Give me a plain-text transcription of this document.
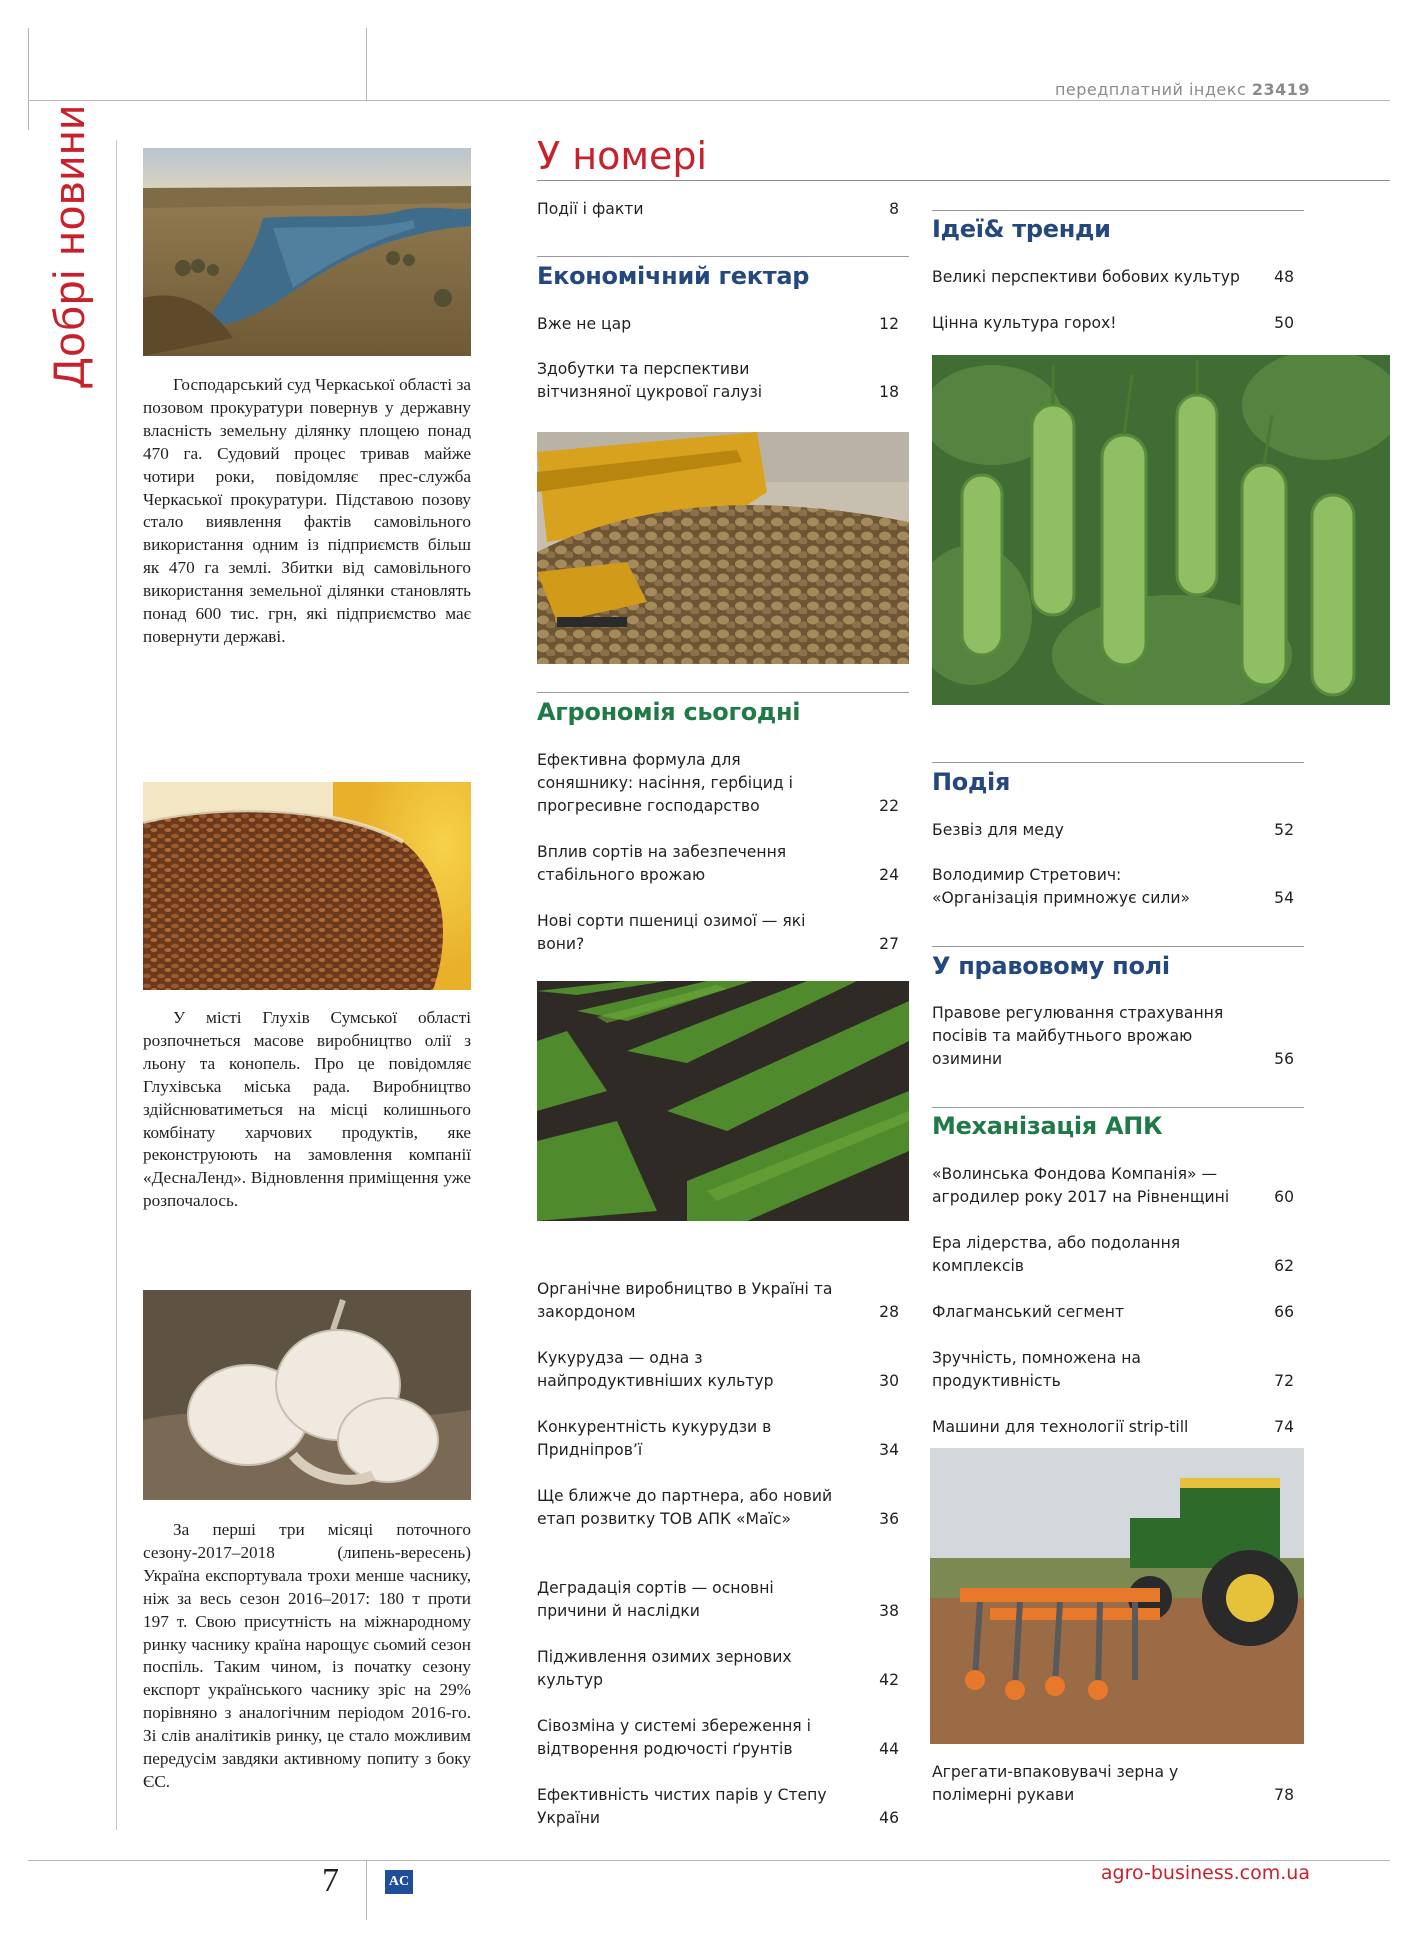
передплатний індекс 23419
Добрі новини	Господарський суд Черкаської області за позовом прокуратури повернув у державну власність земельну ділянку площею понад 470 га. Судовий процес тривав майже чотири роки, повідомляє прес-служба Черкаської прокуратури. Підставою позову стало виявлення фактів самовільного використання одним із підприємств більш як 470 га землі. Збитки від самовільного використання земельної ділянки становлять понад 600 тис. грн, які підприємство має повернути державі.

У місті Глухів Сумської області розпочнеться масове виробництво олії з льону та конопель. Про це повідомляє Глухівська міська рада. Виробництво здійснюватиметься на місці колишнього комбінату харчових продуктів, яке реконструюють на замовлення компанії «ДеснаЛенд». Відновлення приміщення уже розпочалось.

За перші три місяці поточного сезону-2017–2018 (липень-вересень) Україна експортувала трохи менше часнику, ніж за весь сезон 2016–2017: 180 т проти 197 т. Свою присутність на міжнародному ринку часнику країна нарощує сьомий сезон поспіль. Таким чином, із початку сезону експорт українського часнику зріс на 29% порівняно з аналогічним періодом 2016-го. Зі слів аналітиків ринку, це стало можливим передусім завдяки активному попиту з боку ЄС.

У номері
Події і факти	8
Економічний гектар
Вже не цар	12
Здобутки та перспективи вітчизняної цукрової галузі	18
Агрономія сьогодні
Ефективна формула для соняшнику: насіння, гербіцид і прогресивне господарство	22
Вплив сортів на забезпечення стабільного врожаю	24
Нові сорти пшениці озимої — які вони?	27
Органічне виробництво в Україні та закордоном	28
Кукурудза — одна з найпродуктивніших культур	30
Конкурентність кукурудзи в Придніпров’ї	34
Ще ближче до партнера, або новий етап розвитку ТОВ АПК «Маїс»	36
Деградація сортів — основні причини й наслідки	38
Підживлення озимих зернових культур	42
Сівозміна у системі збереження і відтворення родючості ґрунтів	44
Ефективність чистих парів у Степу України	46
Ідеї& тренди
Великі перспективи бобових культур	48
Цінна культура горох!	50
Подія
Безвіз для меду	52
Володимир Стретович: «Організація примножує сили»	54
У правовому полі
Правове регулювання страхування посівів та майбутнього врожаю озимини	56
Механізація АПК
«Волинська Фондова Компанія» — агродилер року 2017 на Рівненщині	60
Ера лідерства, або подолання комплексів	62
Флагманський сегмент	66
Зручність, помножена на продуктивність	72
Машини для технології strip-till	74
Агрегати-впаковувачі зерна у полімерні рукави	78
7	AC	agro-business.com.ua
